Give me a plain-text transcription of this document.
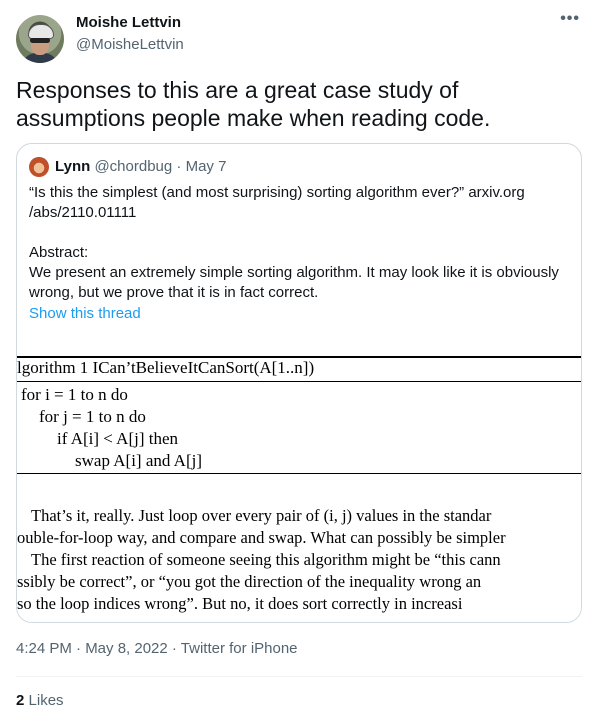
Moishe Lettvin
@MoisheLettvin
•••
Responses to this are a great case study of assumptions people make when reading code.
Lynn @chordbug · May 7

“Is this the simplest (and most surprising) sorting algorithm ever?” arxiv.org

/abs/2110.01111

Abstract:

We present an extremely simple sorting algorithm. It may look like it is obviously wrong, but we prove that it is in fact correct.

Show this thread
lgorithm 1 ICan’tBelieveItCanSort(A[1..n])
for i = 1 to n do
for j = 1 to n do
if A[i] < A[j] then
swap A[i] and A[j]
That’s it, really. Just loop over every pair of (i, j) values in the standar
ouble-for-loop way, and compare and swap. What can possibly be simpler
The first reaction of someone seeing this algorithm might be “this cann
ssibly be correct”, or “you got the direction of the inequality wrong an
so the loop indices wrong”. But no, it does sort correctly in increasi
4:24 PM · May 8, 2022 · Twitter for iPhone
2 Likes
